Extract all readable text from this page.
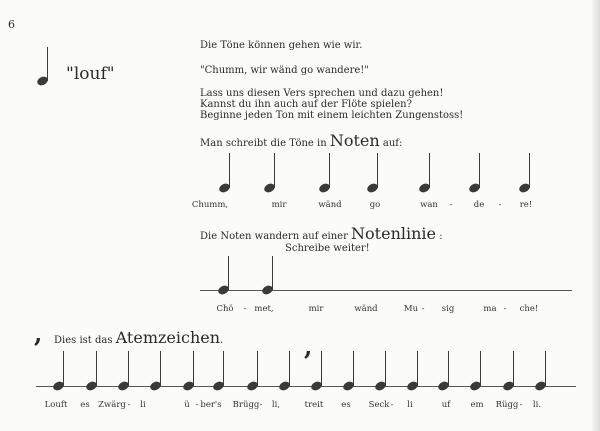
6
"louf"
Die Töne können gehen wie wir.
"Chumm, wir wänd go wandere!"
Lass uns diesen Vers sprechen und dazu gehen!
Kannst du ihn auch auf der Flöte spielen?
Beginne jeden Ton mit einem leichten Zungenstoss!
Man schreibt die Töne in Noten auf:
Chumm,	mir	wänd	go	wan -	de - re!
Die Noten wandern auf einer Notenlinie :
Schreibe weiter!
Chö - met,	mir	wänd	Mu - sig	ma - che!
, Dies ist das Atemzeichen.	,
Louft es Zwärg - li	ü - ber's Brügg - li,	treit es Seck - li	uf em Rügg - li.
